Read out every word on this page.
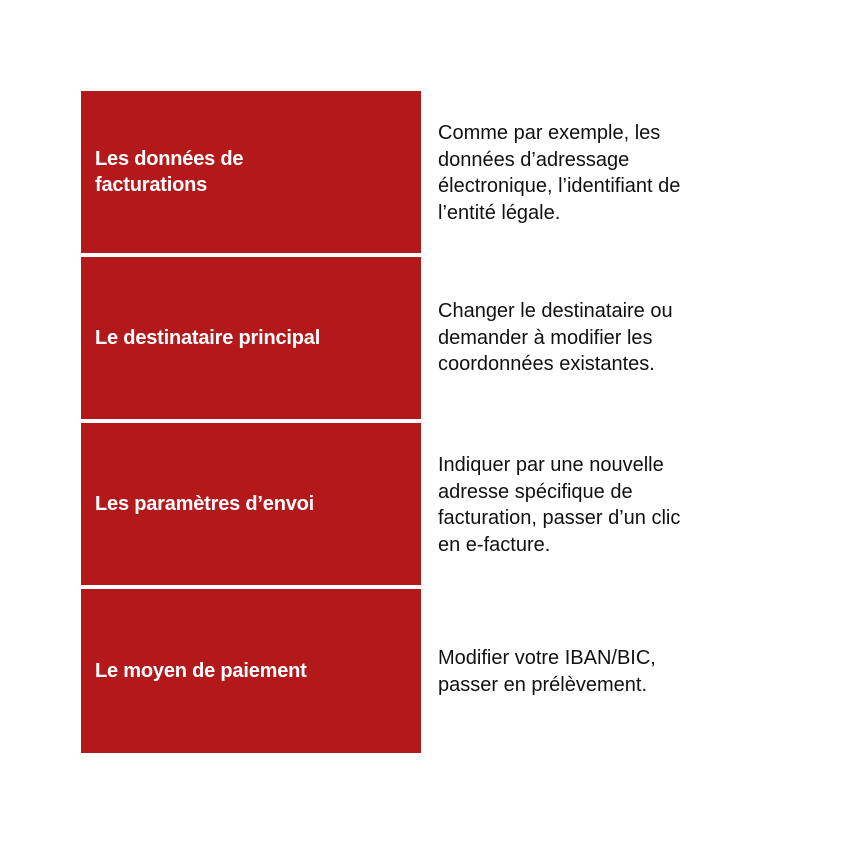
Les données de
facturations
Comme par exemple, les
données d’adressage
électronique, l’identifiant de
l’entité légale.
Le destinataire principal
Changer le destinataire ou
demander à modifier les
coordonnées existantes.
Les paramètres d’envoi
Indiquer par une nouvelle
adresse spécifique de
facturation, passer d’un clic
en e-facture.
Le moyen de paiement
Modifier votre IBAN/BIC,
passer en prélèvement.
